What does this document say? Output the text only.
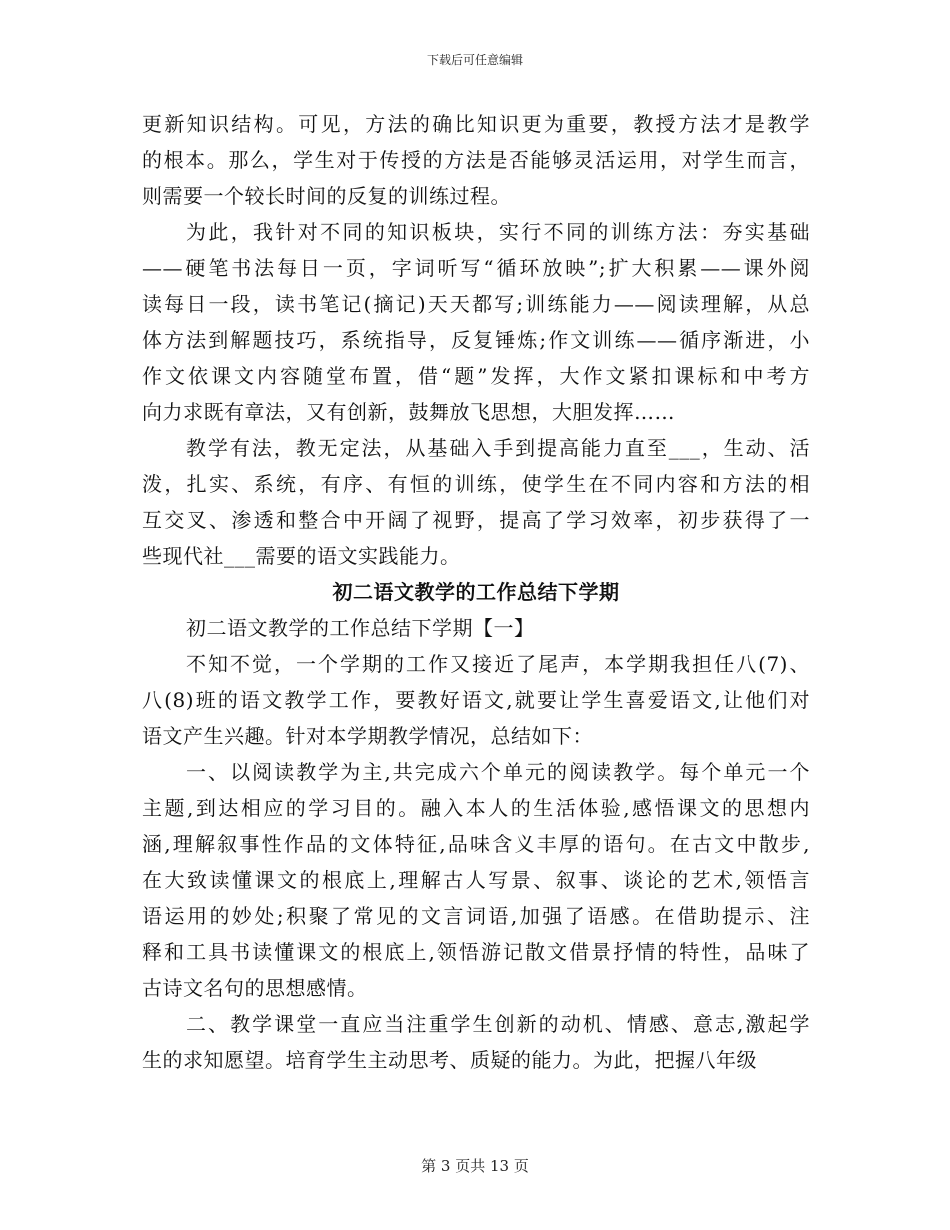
下载后可任意编辑
更新知识结构。可见，方法的确比知识更为重要，教授方法才是教学
的根本。那么，学生对于传授的方法是否能够灵活运用，对学生而言，
则需要一个较长时间的反复的训练过程。
为此，我针对不同的知识板块，实行不同的训练方法：夯实基础
——硬笔书法每日一页，字词听写“循环放映”;扩大积累——课外阅
读每日一段，读书笔记(摘记)天天都写;训练能力——阅读理解，从总
体方法到解题技巧，系统指导，反复锤炼;作文训练——循序渐进，小
作文依课文内容随堂布置，借“题”发挥，大作文紧扣课标和中考方
向力求既有章法，又有创新，鼓舞放飞思想，大胆发挥……
教学有法，教无定法，从基础入手到提高能力直至___，生动、活
泼，扎实、系统，有序、有恒的训练，使学生在不同内容和方法的相
互交叉、渗透和整合中开阔了视野，提高了学习效率，初步获得了一
些现代社___需要的语文实践能力。
初二语文教学的工作总结下学期
初二语文教学的工作总结下学期【一】
不知不觉，一个学期的工作又接近了尾声，本学期我担任八(7)、
八(8)班的语文教学工作，要教好语文,就要让学生喜爱语文,让他们对
语文产生兴趣。针对本学期教学情况，总结如下：
一、以阅读教学为主,共完成六个单元的阅读教学。每个单元一个
主题,到达相应的学习目的。融入本人的生活体验,感悟课文的思想内
涵,理解叙事性作品的文体特征,品味含义丰厚的语句。在古文中散步,
在大致读懂课文的根底上,理解古人写景、叙事、谈论的艺术,领悟言
语运用的妙处;积聚了常见的文言词语,加强了语感。在借助提示、注
释和工具书读懂课文的根底上,领悟游记散文借景抒情的特性，品味了
古诗文名句的思想感情。
二、教学课堂一直应当注重学生创新的动机、情感、意志,激起学
生的求知愿望。培育学生主动思考、质疑的能力。为此，把握八年级
第 3 页共 13 页
